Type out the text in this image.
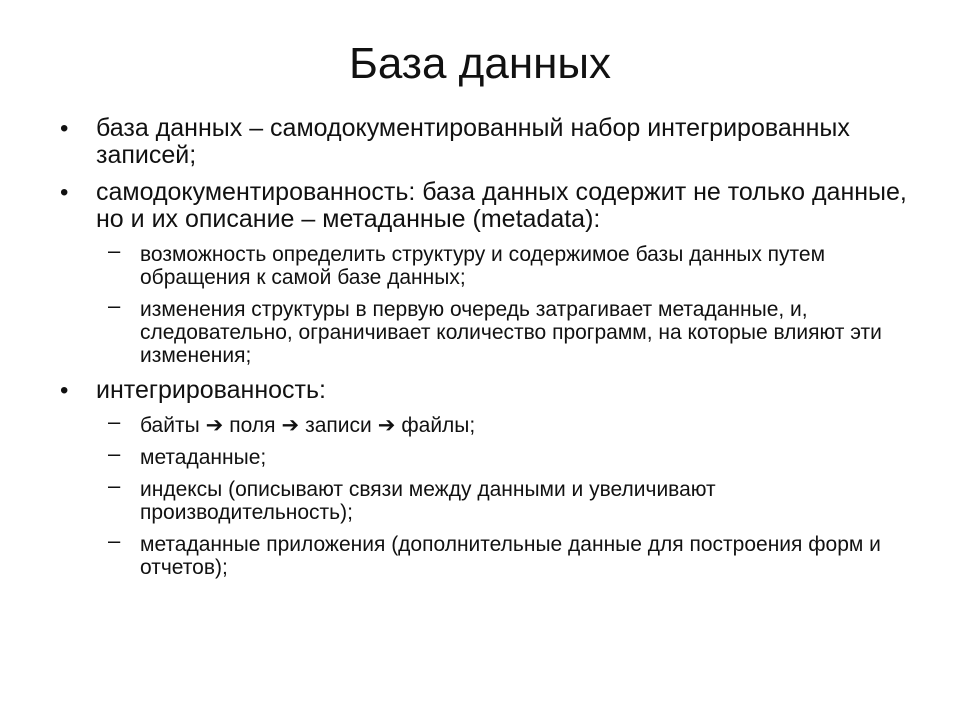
База данных
•	база данных – самодокументированный набор интегрированных записей;
•	самодокументированность: база данных содержит не только данные, но и их описание – метаданные (metadata):
– возможность определить структуру и содержимое базы данных путем обращения к самой базе данных;
– изменения структуры в первую очередь затрагивает метаданные, и, следовательно, ограничивает количество программ, на которые влияют эти изменения;
•	интегрированность:
– байты ➔ поля ➔ записи ➔ файлы;
– метаданные;
– индексы (описывают связи между данными и увеличивают производительность);
– метаданные приложения (дополнительные данные для построения форм и отчетов);
